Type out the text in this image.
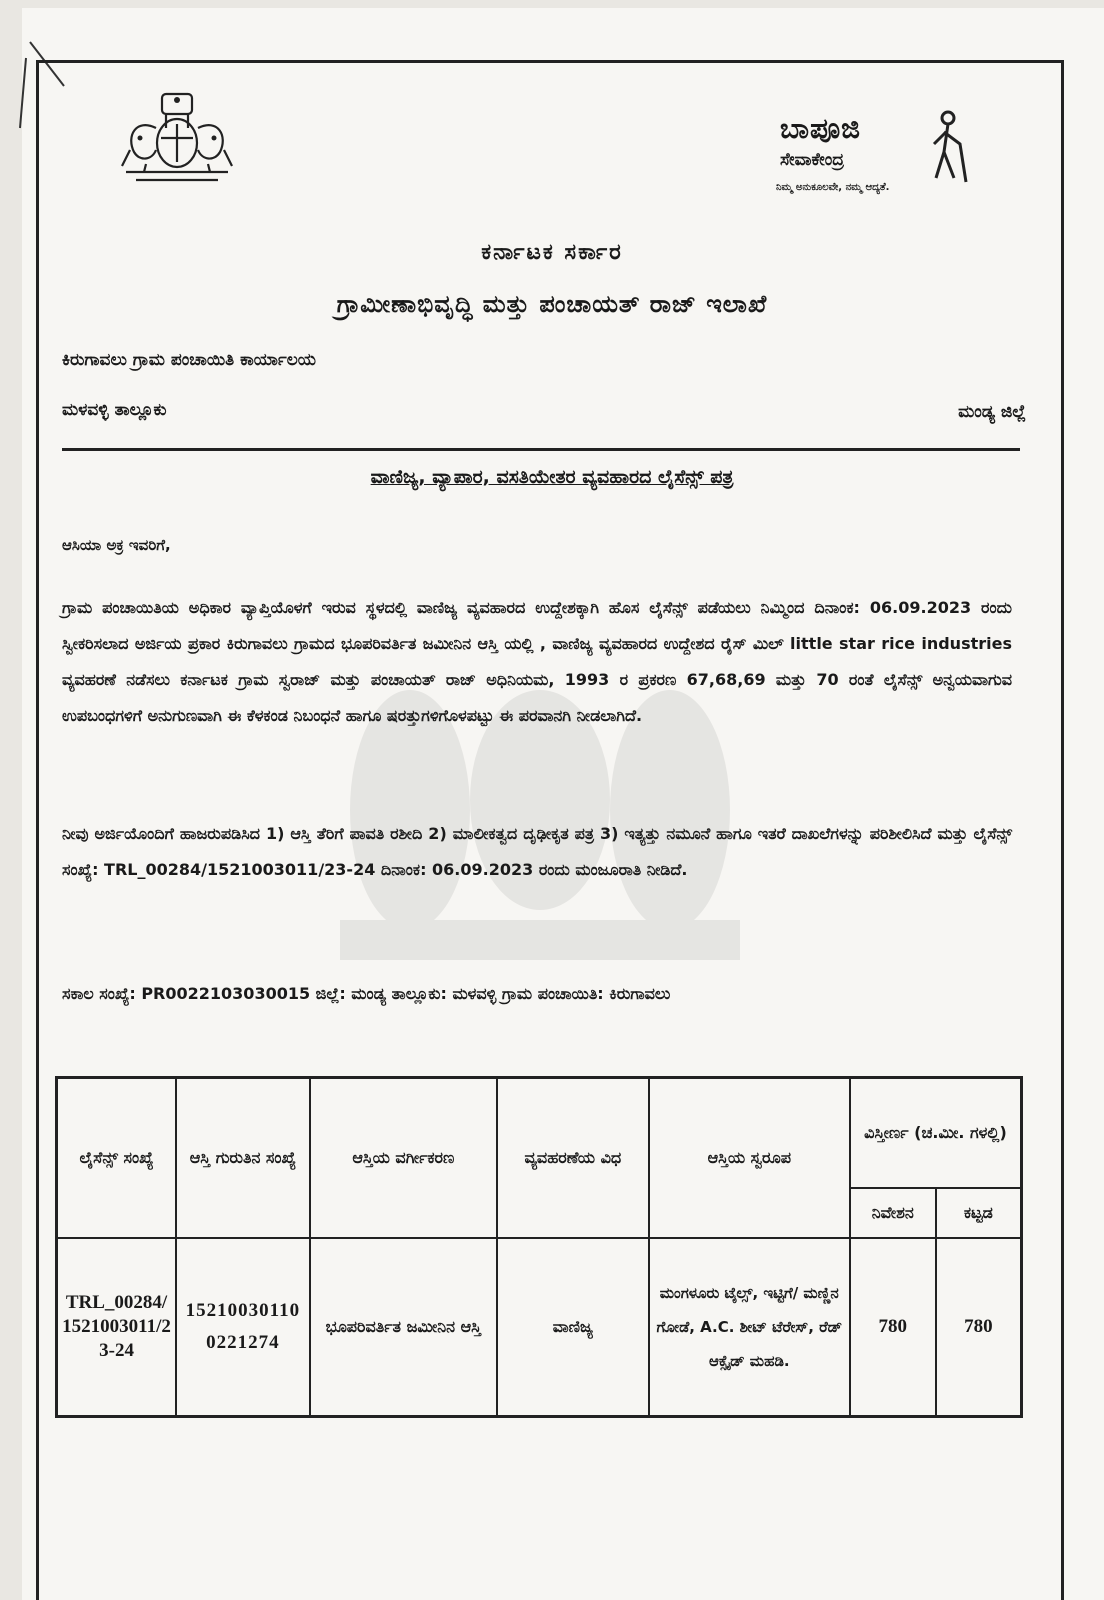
ಬಾಪೂಜಿ
ಸೇವಾಕೇಂದ್ರ
ನಿಮ್ಮ ಅನುಕೂಲವೇ, ನಮ್ಮ ಆದ್ಯತೆ.
ಕರ್ನಾಟಕ ಸರ್ಕಾರ
ಗ್ರಾಮೀಣಾಭಿವೃದ್ಧಿ ಮತ್ತು ಪಂಚಾಯತ್ ರಾಜ್ ಇಲಾಖೆ
ಕಿರುಗಾವಲು ಗ್ರಾಮ ಪಂಚಾಯಿತಿ ಕಾರ್ಯಾಲಯ
ಮಳವಳ್ಳಿ ತಾಲ್ಲೂಕು	ಮಂಡ್ಯ ಜಿಲ್ಲೆ
ವಾಣಿಜ್ಯ, ವ್ಯಾಪಾರ, ವಸತಿಯೇತರ ವ್ಯವಹಾರದ ಲೈಸೆನ್ಸ್ ಪತ್ರ
ಆಸಿಯಾ ಅಕ್ರ ಇವರಿಗೆ,
ಗ್ರಾಮ ಪಂಚಾಯಿತಿಯ ಅಧಿಕಾರ ವ್ಯಾಪ್ತಿಯೊಳಗೆ ಇರುವ ಸ್ಥಳದಲ್ಲಿ ವಾಣಿಜ್ಯ ವ್ಯವಹಾರದ ಉದ್ದೇಶಕ್ಕಾಗಿ ಹೊಸ ಲೈಸೆನ್ಸ್ ಪಡೆಯಲು ನಿಮ್ಮಿಂದ ದಿನಾಂಕ: 06.09.2023 ರಂದು ಸ್ವೀಕರಿಸಲಾದ ಅರ್ಜಿಯ ಪ್ರಕಾರ ಕಿರುಗಾವಲು ಗ್ರಾಮದ ಭೂಪರಿವರ್ತಿತ ಜಮೀನಿನ ಆಸ್ತಿ ಯಲ್ಲಿ , ವಾಣಿಜ್ಯ ವ್ಯವಹಾರದ ಉದ್ದೇಶದ ರೈಸ್ ಮಿಲ್ little star rice industries ವ್ಯವಹರಣೆ ನಡೆಸಲು ಕರ್ನಾಟಕ ಗ್ರಾಮ ಸ್ವರಾಜ್ ಮತ್ತು ಪಂಚಾಯತ್ ರಾಜ್ ಅಧಿನಿಯಮ, 1993 ರ ಪ್ರಕರಣ 67,68,69 ಮತ್ತು 70 ರಂತೆ ಲೈಸೆನ್ಸ್ ಅನ್ವಯವಾಗುವ ಉಪಬಂಧಗಳಿಗೆ ಅನುಗುಣವಾಗಿ ಈ ಕೆಳಕಂಡ ನಿಬಂಧನೆ ಹಾಗೂ ಷರತ್ತುಗಳಿಗೊಳಪಟ್ಟು ಈ ಪರವಾನಗಿ ನೀಡಲಾಗಿದೆ.
ನೀವು ಅರ್ಜಿಯೊಂದಿಗೆ ಹಾಜರುಪಡಿಸಿದ 1) ಆಸ್ತಿ ತೆರಿಗೆ ಪಾವತಿ ರಶೀದಿ 2) ಮಾಲೀಕತ್ವದ ದೃಢೀಕೃತ ಪತ್ರ 3) ಇತ್ಯತ್ತು ನಮೂನೆ ಹಾಗೂ ಇತರೆ ದಾಖಲೆಗಳನ್ನು ಪರಿಶೀಲಿಸಿದೆ ಮತ್ತು ಲೈಸೆನ್ಸ್ ಸಂಖ್ಯೆ: TRL_00284/1521003011/23-24 ದಿನಾಂಕ: 06.09.2023 ರಂದು ಮಂಜೂರಾತಿ ನೀಡಿದೆ.
ಸಕಾಲ ಸಂಖ್ಯೆ: PR0022103030015 ಜಿಲ್ಲೆ: ಮಂಡ್ಯ ತಾಲ್ಲೂಕು: ಮಳವಳ್ಳಿ ಗ್ರಾಮ ಪಂಚಾಯಿತಿ: ಕಿರುಗಾವಲು
ಲೈಸೆನ್ಸ್ ಸಂಖ್ಯೆ	ಆಸ್ತಿ ಗುರುತಿನ ಸಂಖ್ಯೆ	ಆಸ್ತಿಯ ವರ್ಗೀಕರಣ	ವ್ಯವಹರಣೆಯ ವಿಧ	ಆಸ್ತಿಯ ಸ್ವರೂಪ	ವಿಸ್ತೀರ್ಣ (ಚ.ಮೀ. ಗಳಲ್ಲಿ)	
					ನಿವೇಶನ	ಕಟ್ಟಡ
TRL_00284/1521003011/23-24	152100301100221274	ಭೂಪರಿವರ್ತಿತ ಜಮೀನಿನ ಆಸ್ತಿ	ವಾಣಿಜ್ಯ	ಮಂಗಳೂರು ಟೈಲ್ಸ್, ಇಟ್ಟಿಗೆ/ ಮಣ್ಣಿನ ಗೋಡೆ, A.C. ಶೀಟ್ ಟೆರೇಸ್, ರೆಡ್ ಆಕ್ಸೈಡ್ ಮಹಡಿ.	780	780
